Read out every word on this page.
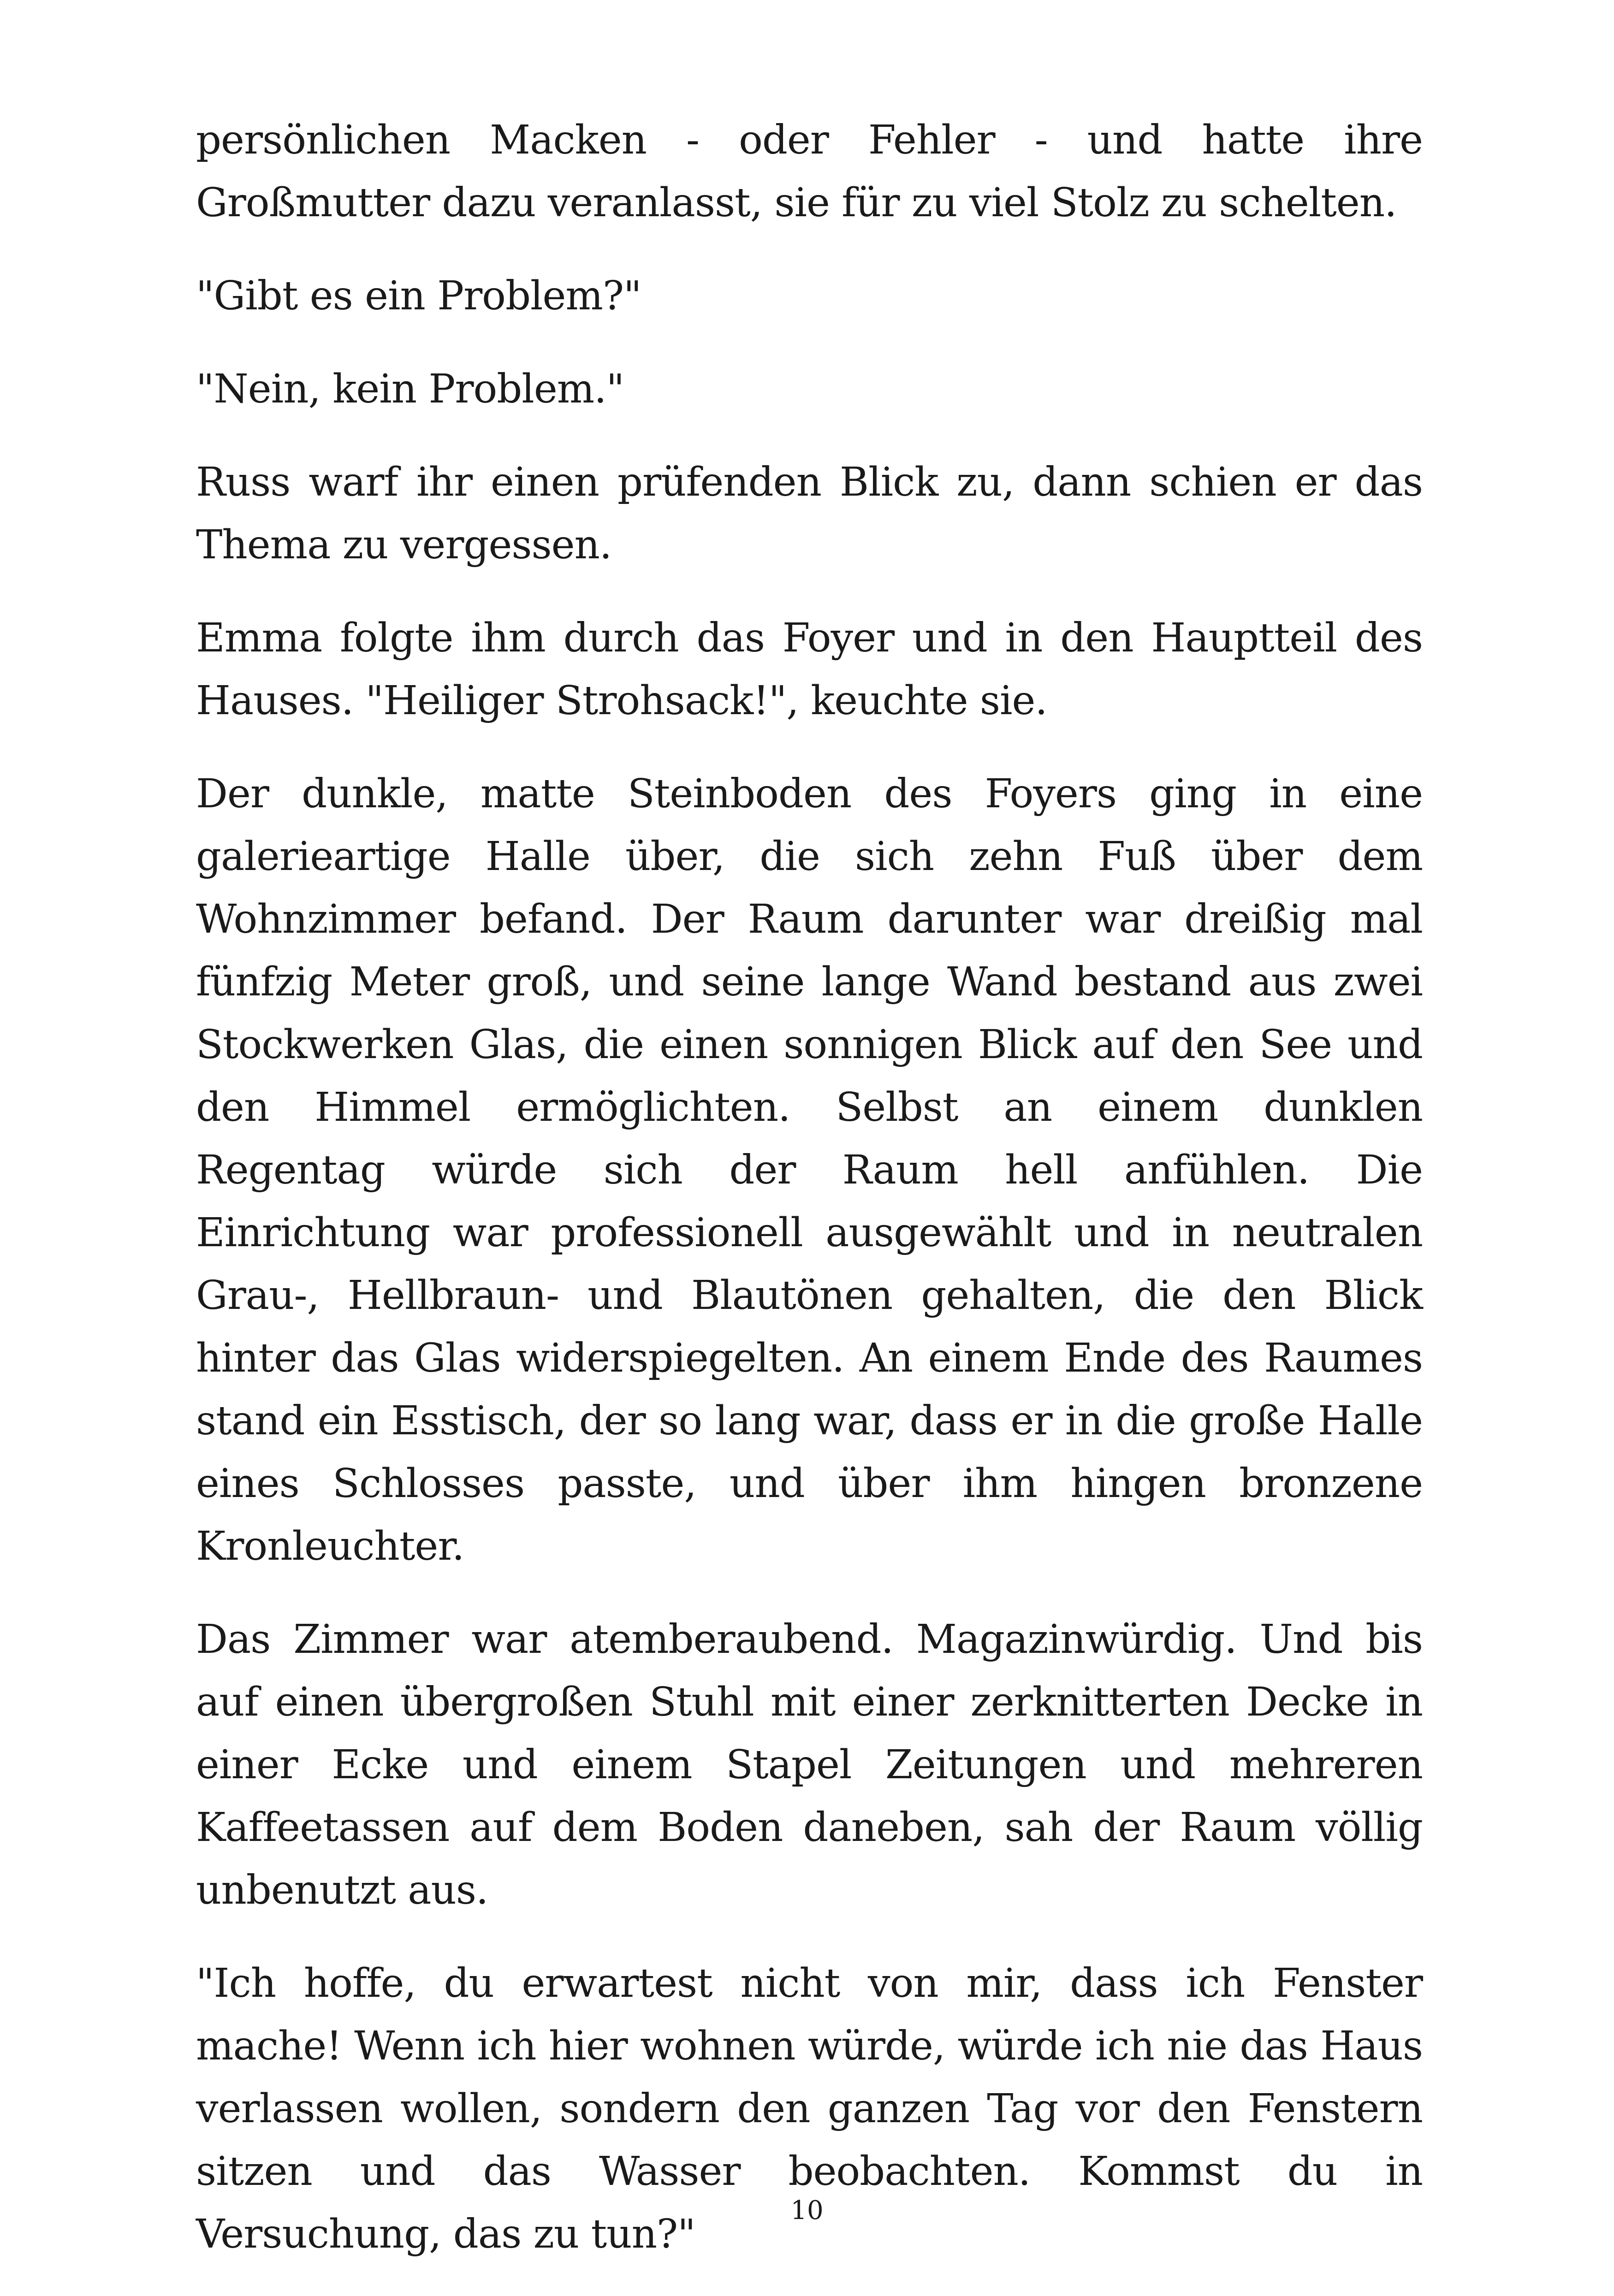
persönlichen Macken - oder Fehler - und hatte ihre Großmutter dazu veranlasst, sie für zu viel Stolz zu schelten.

"Gibt es ein Problem?"

"Nein, kein Problem."

Russ warf ihr einen prüfenden Blick zu, dann schien er das Thema zu vergessen.

Emma folgte ihm durch das Foyer und in den Hauptteil des Hauses. "Heiliger Strohsack!", keuchte sie.

Der dunkle, matte Steinboden des Foyers ging in eine galerieartige Halle über, die sich zehn Fuß über dem Wohnzimmer befand. Der Raum darunter war dreißig mal fünfzig Meter groß, und seine lange Wand bestand aus zwei Stockwerken Glas, die einen sonnigen Blick auf den See und den Himmel ermöglichten. Selbst an einem dunklen Regentag würde sich der Raum hell anfühlen. Die Einrichtung war professionell ausgewählt und in neutralen Grau-, Hellbraun- und Blautönen gehalten, die den Blick hinter das Glas widerspiegelten. An einem Ende des Raumes stand ein Esstisch, der so lang war, dass er in die große Halle eines Schlosses passte, und über ihm hingen bronzene Kronleuchter.

Das Zimmer war atemberaubend. Magazinwürdig. Und bis auf einen übergroßen Stuhl mit einer zerknitterten Decke in einer Ecke und einem Stapel Zeitungen und mehreren Kaffeetassen auf dem Boden daneben, sah der Raum völlig unbenutzt aus.

"Ich hoffe, du erwartest nicht von mir, dass ich Fenster mache! Wenn ich hier wohnen würde, würde ich nie das Haus verlassen wollen, sondern den ganzen Tag vor den Fenstern sitzen und das Wasser beobachten. Kommst du in Versuchung, das zu tun?"

10
